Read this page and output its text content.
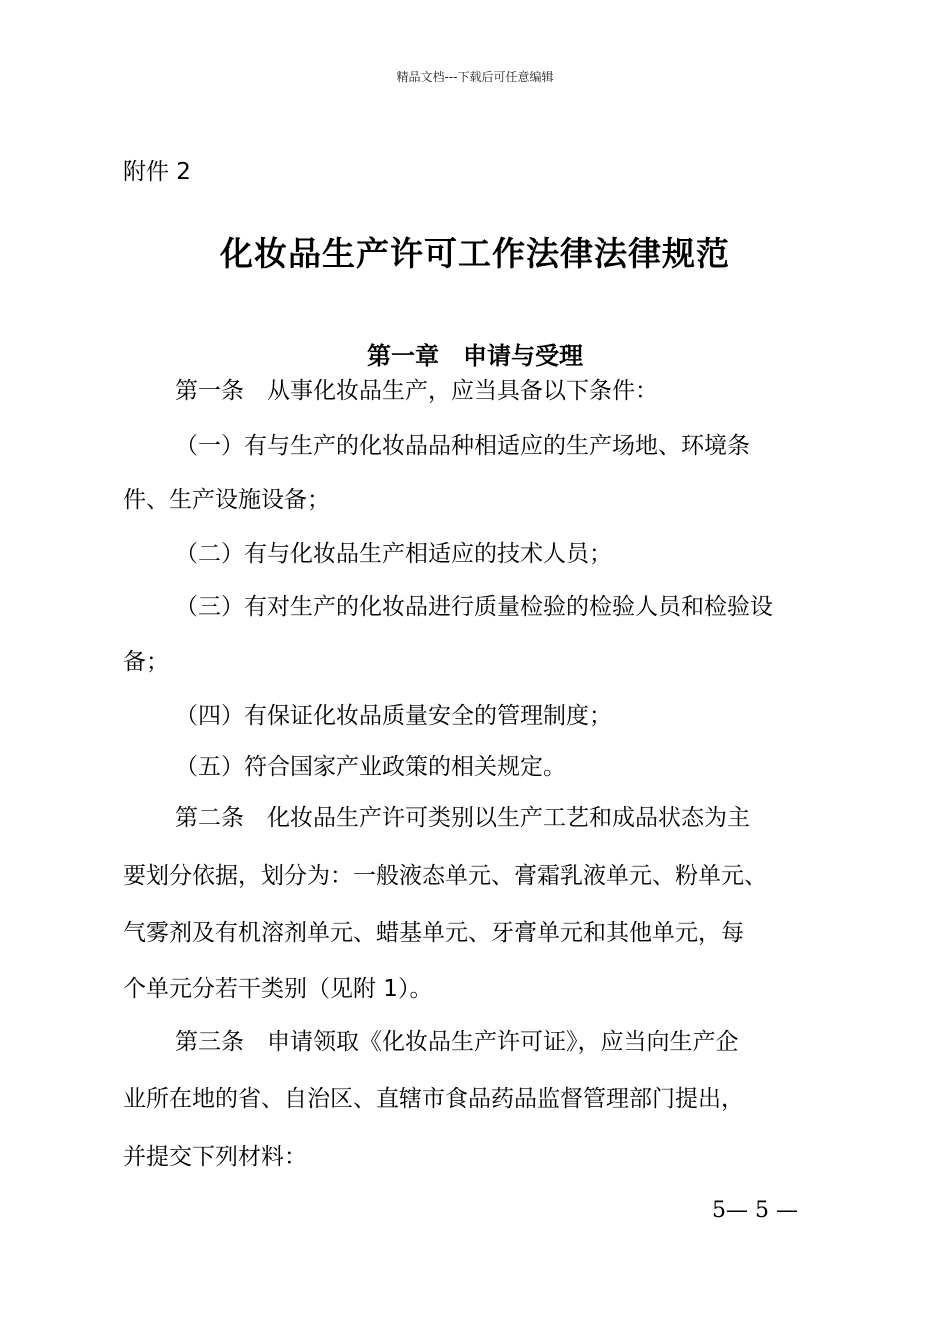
精品文档---下载后可任意编辑
附件 2
化妆品生产许可工作法律法律规范
第一章　申请与受理
第一条　从事化妆品生产，应当具备以下条件：
（一）有与生产的化妆品品种相适应的生产场地、环境条
件、生产设施设备；
（二）有与化妆品生产相适应的技术人员；
（三）有对生产的化妆品进行质量检验的检验人员和检验设
备；
（四）有保证化妆品质量安全的管理制度；
（五）符合国家产业政策的相关规定。
第二条　化妆品生产许可类别以生产工艺和成品状态为主
要划分依据，划分为：一般液态单元、膏霜乳液单元、粉单元、
气雾剂及有机溶剂单元、蜡基单元、牙膏单元和其他单元，每
个单元分若干类别（见附 1）。
第三条　申请领取《化妆品生产许可证》，应当向生产企
业所在地的省、自治区、直辖市食品药品监督管理部门提出，
并提交下列材料：
5— 5 —
